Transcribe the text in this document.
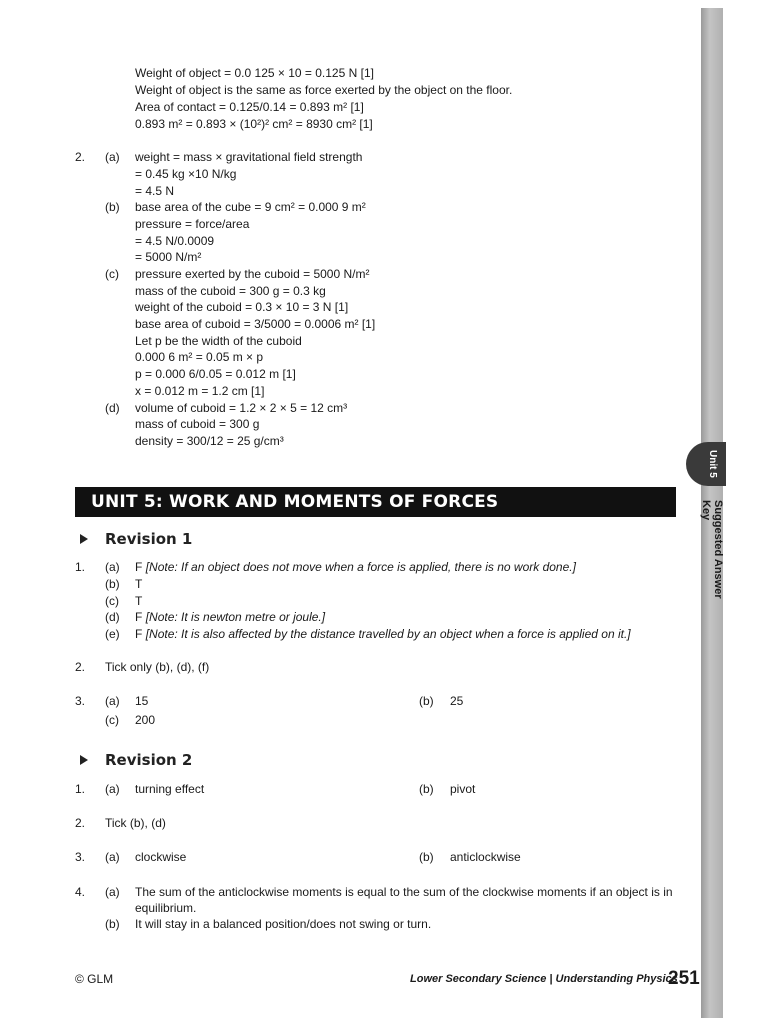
Unit 5
Suggested Answer Key
Weight of object = 0.0 125 × 10 = 0.125 N [1]
Weight of object is the same as force exerted by the object on the floor.
Area of contact = 0.125/0.14 = 0.893 m² [1]
0.893 m² = 0.893 × (10²)² cm² = 8930 cm² [1]
2. (a) weight = mass × gravitational field strength
= 0.45 kg ×10 N/kg
= 4.5 N
(b) base area of the cube = 9 cm² = 0.000 9 m²
pressure = force/area
= 4.5 N/0.0009
= 5000 N/m²
(c) pressure exerted by the cuboid = 5000 N/m²
mass of the cuboid = 300 g = 0.3 kg
weight of the cuboid = 0.3 × 10 = 3 N [1]
base area of cuboid = 3/5000 = 0.0006 m² [1]
Let p be the width of the cuboid
0.000 6 m² = 0.05 m × p
p = 0.000 6/0.05 = 0.012 m [1]
x = 0.012 m = 1.2 cm [1]
(d) volume of cuboid = 1.2 × 2 × 5 = 12 cm³
mass of cuboid = 300 g
density = 300/12 = 25 g/cm³
UNIT 5: WORK AND MOMENTS OF FORCES
Revision 1
1. (a) F [Note: If an object does not move when a force is applied, there is no work done.]
(b) T
(c) T
(d) F [Note: It is newton metre or joule.]
(e) F [Note: It is also affected by the distance travelled by an object when a force is applied on it.]
2. Tick only (b), (d), (f)
3. (a) 15	(b) 25
(c) 200
Revision 2
1. (a) turning effect	(b) pivot
2. Tick (b), (d)
3. (a) clockwise	(b) anticlockwise
4. (a) The sum of the anticlockwise moments is equal to the sum of the clockwise moments if an object is in
equilibrium.
(b) It will stay in a balanced position/does not swing or turn.
© GLM	Lower Secondary Science | Understanding Physics
251
